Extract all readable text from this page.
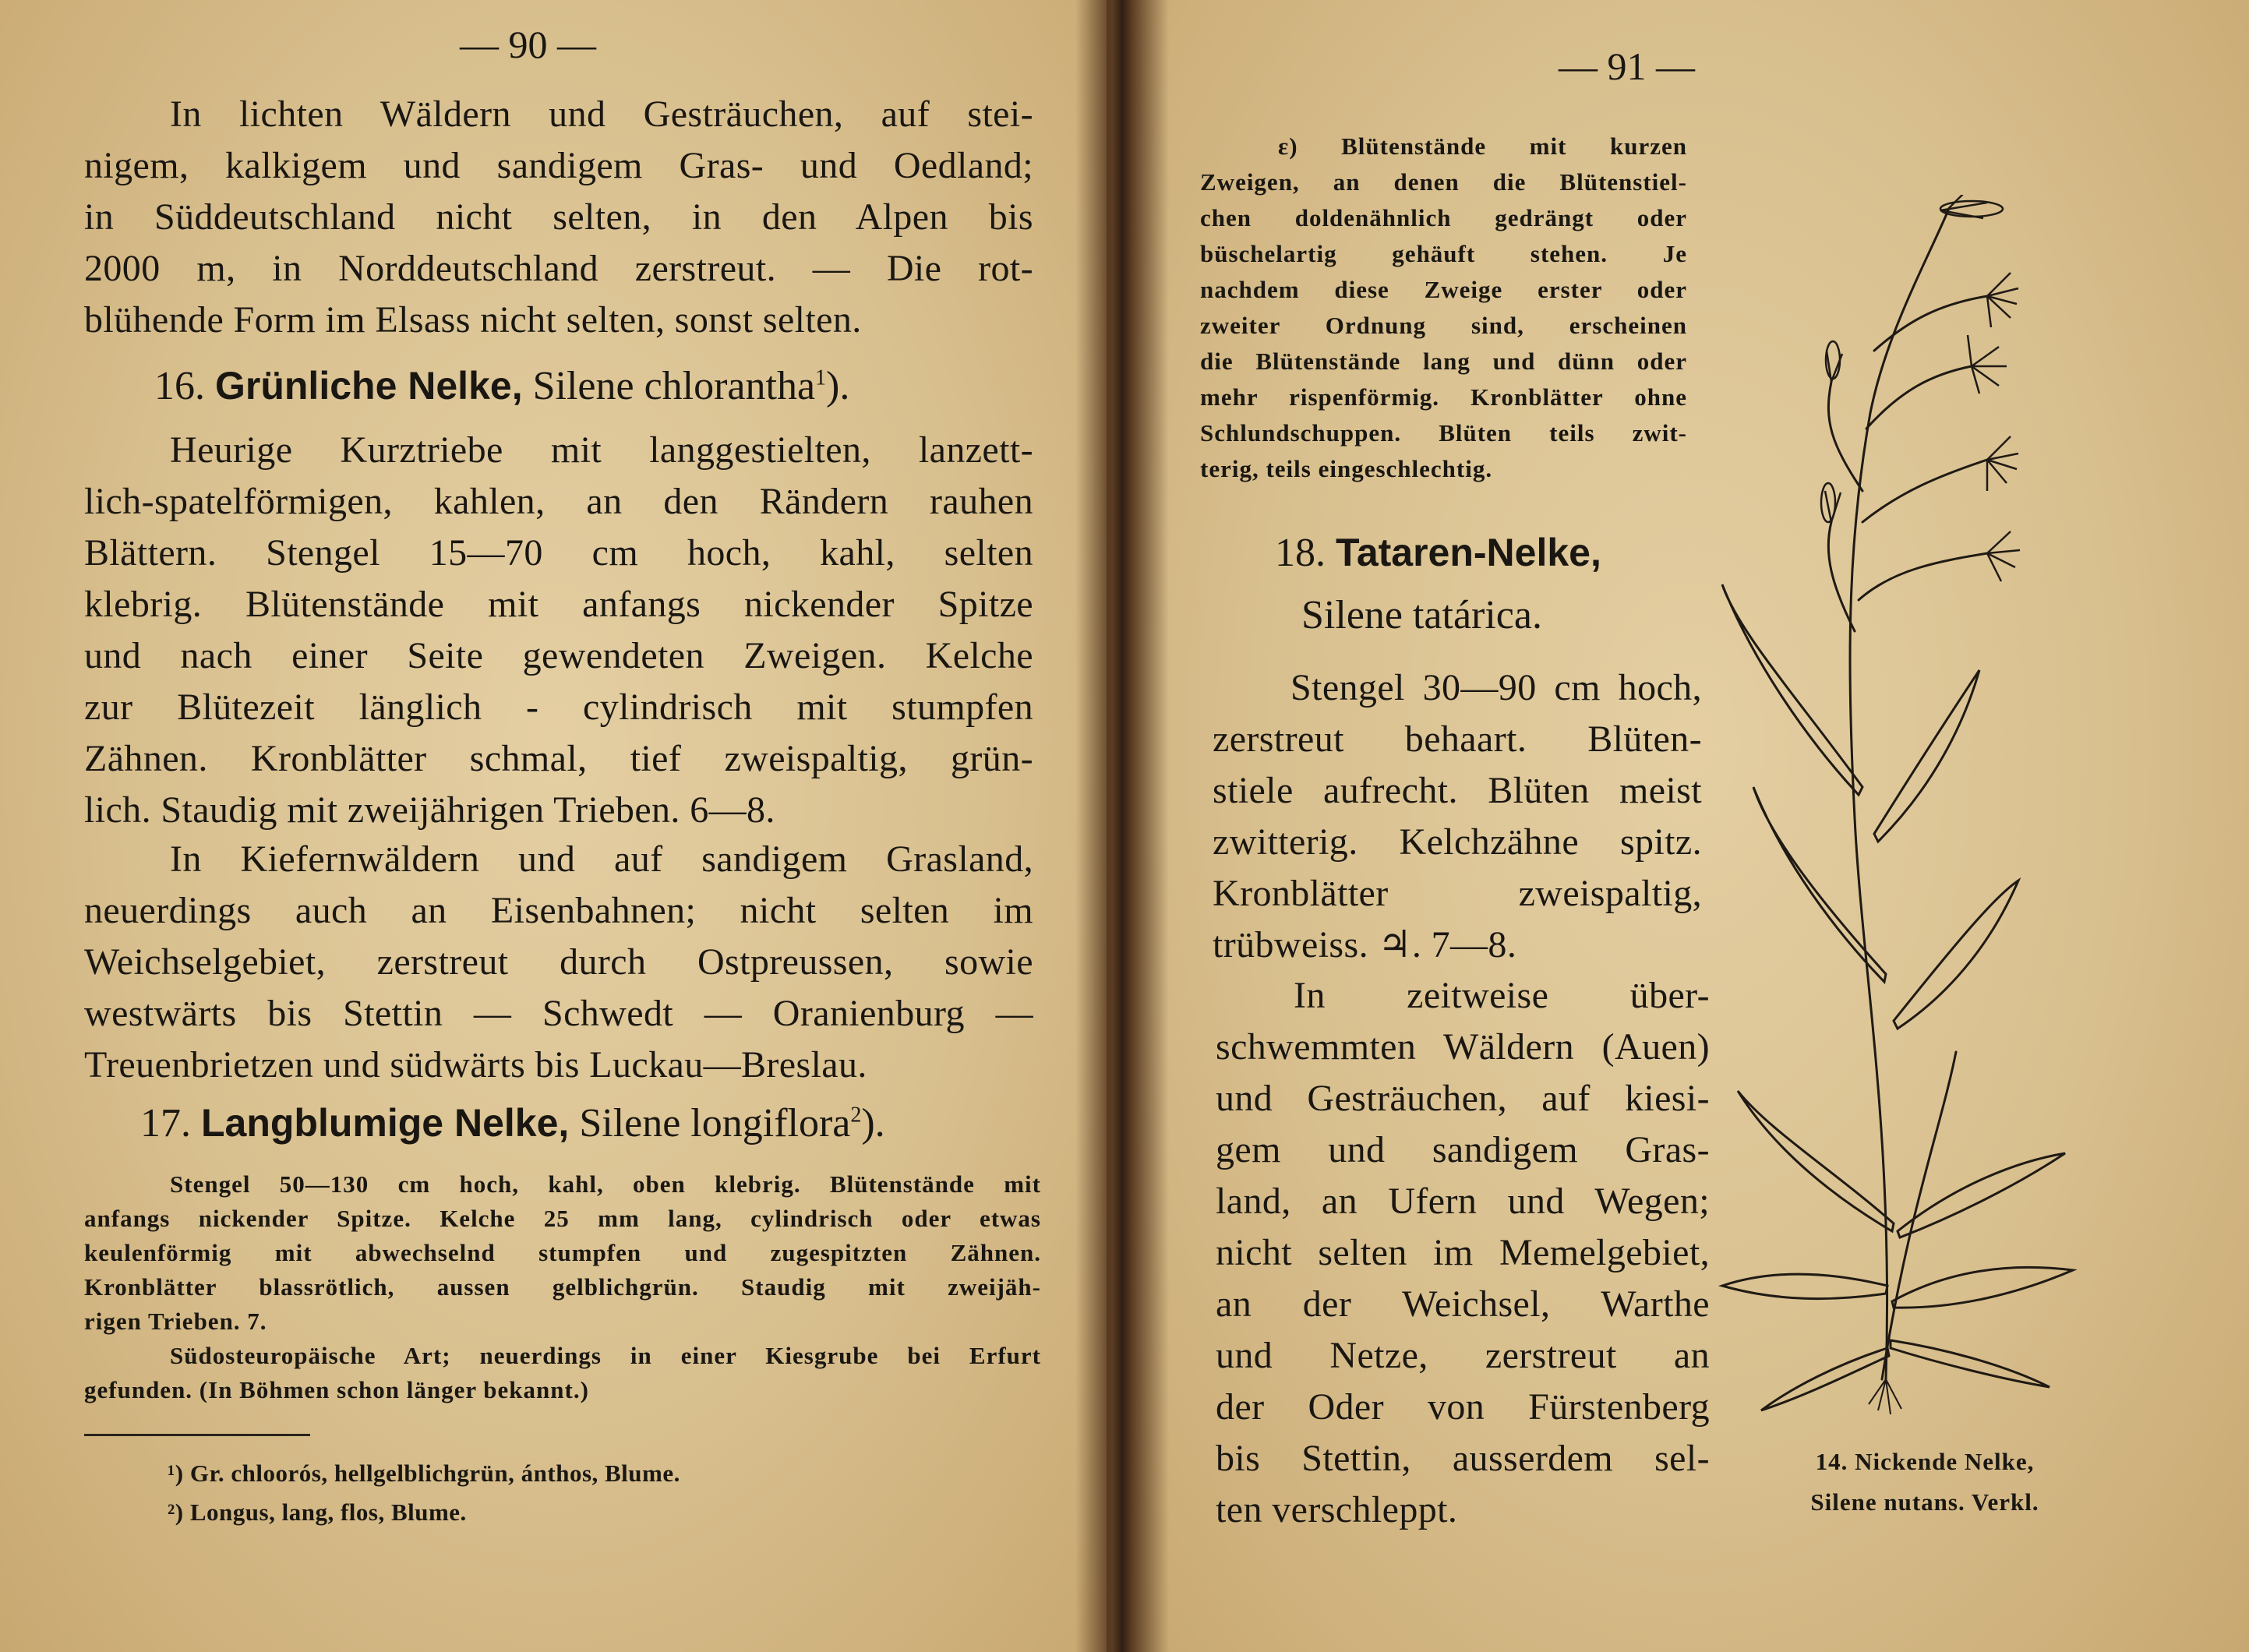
— 90 —

In lichten Wäldern und Gesträuchen, auf stei-

nigem, kalkigem und sandigem Gras- und Oedland;

in Süddeutschland nicht selten, in den Alpen bis

2000 m, in Norddeutschland zerstreut. — Die rot-

blühende Form im Elsass nicht selten, sonst selten.

16. Grünliche Nelke, Silene chlorantha$^1$).

Heurige Kurztriebe mit langgestielten, lanzett-

lich-spatelförmigen, kahlen, an den Rändern rauhen

Blättern. Stengel 15—70 cm hoch, kahl, selten

klebrig. Blütenstände mit anfangs nickender Spitze

und nach einer Seite gewendeten Zweigen. Kelche

zur Blütezeit länglich - cylindrisch mit stumpfen

Zähnen. Kronblätter schmal, tief zweispaltig, grün-

lich. Staudig mit zweijährigen Trieben. 6—8.

In Kiefernwäldern und auf sandigem Grasland,

neuerdings auch an Eisenbahnen; nicht selten im

Weichselgebiet, zerstreut durch Ostpreussen, sowie

westwärts bis Stettin — Schwedt — Oranienburg —

Treuenbrietzen und südwärts bis Luckau—Breslau.

17. Langblumige Nelke, Silene longiflora$^2$).

Stengel 50—130 cm hoch, kahl, oben klebrig. Blütenstände mit

anfangs nickender Spitze. Kelche 25 mm lang, cylindrisch oder etwas

keulenförmig mit abwechselnd stumpfen und zugespitzten Zähnen.

Kronblätter blassrötlich, aussen gelblichgrün. Staudig mit zweijäh-

rigen Trieben. 7.

Südosteuropäische Art; neuerdings in einer Kiesgrube bei Erfurt

gefunden. (In Böhmen schon länger bekannt.)

¹) Gr. chloorós, hellgelblichgrün, ánthos, Blume.
²) Longus, lang, flos, Blume.
— 91 —

ε) Blütenstände mit kurzen

Zweigen, an denen die Blütenstiel-

chen doldenähnlich gedrängt oder

büschelartig gehäuft stehen. Je

nachdem diese Zweige erster oder

zweiter Ordnung sind, erscheinen

die Blütenstände lang und dünn oder

mehr rispenförmig. Kronblätter ohne

Schlundschuppen. Blüten teils zwit-

terig, teils eingeschlechtig.

18. Tataren-Nelke,
Silene tatárica.

Stengel 30—90 cm hoch,

zerstreut behaart. Blüten-

stiele aufrecht. Blüten meist

zwitterig. Kelchzähne spitz.

Kronblätter zweispaltig,

trübweiss. ♃. 7—8.

In zeitweise über-

schwemmten Wäldern (Auen)

und Gesträuchen, auf kiesi-

gem und sandigem Gras-

land, an Ufern und Wegen;

nicht selten im Memelgebiet,

an der Weichsel, Warthe

und Netze, zerstreut an

der Oder von Fürstenberg

bis Stettin, ausserdem sel-

ten verschleppt.

14. Nickende Nelke,
Silene nutans. Verkl.
